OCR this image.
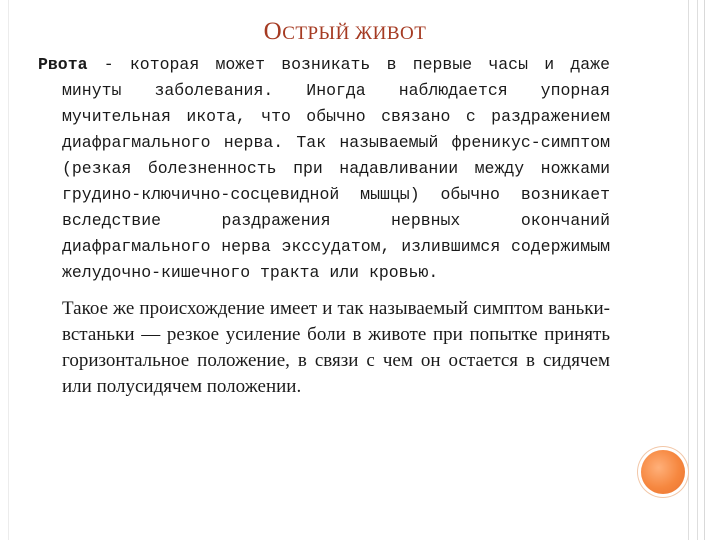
ОСТРЫЙ ЖИВОТ

Рвота - которая может возникать в первые часы и даже минуты заболевания. Иногда наблюдается упорная мучительная икота, что обычно связано с раздражением диафрагмального нерва. Так называемый френикус-симптом (резкая болезненность при надавливании между ножками грудино-ключично-сосцевидной мышцы) обычно возникает вследствие раздражения нервных окончаний диафрагмального нерва экссудатом, излившимся содержимым желудочно-кишечного тракта или кровью.

Такое же происхождение имеет и так называемый симптом ваньки-встаньки — резкое усиление боли в животе при попытке принять горизонтальное положение, в связи с чем он остается в сидячем или полусидячем положении.
